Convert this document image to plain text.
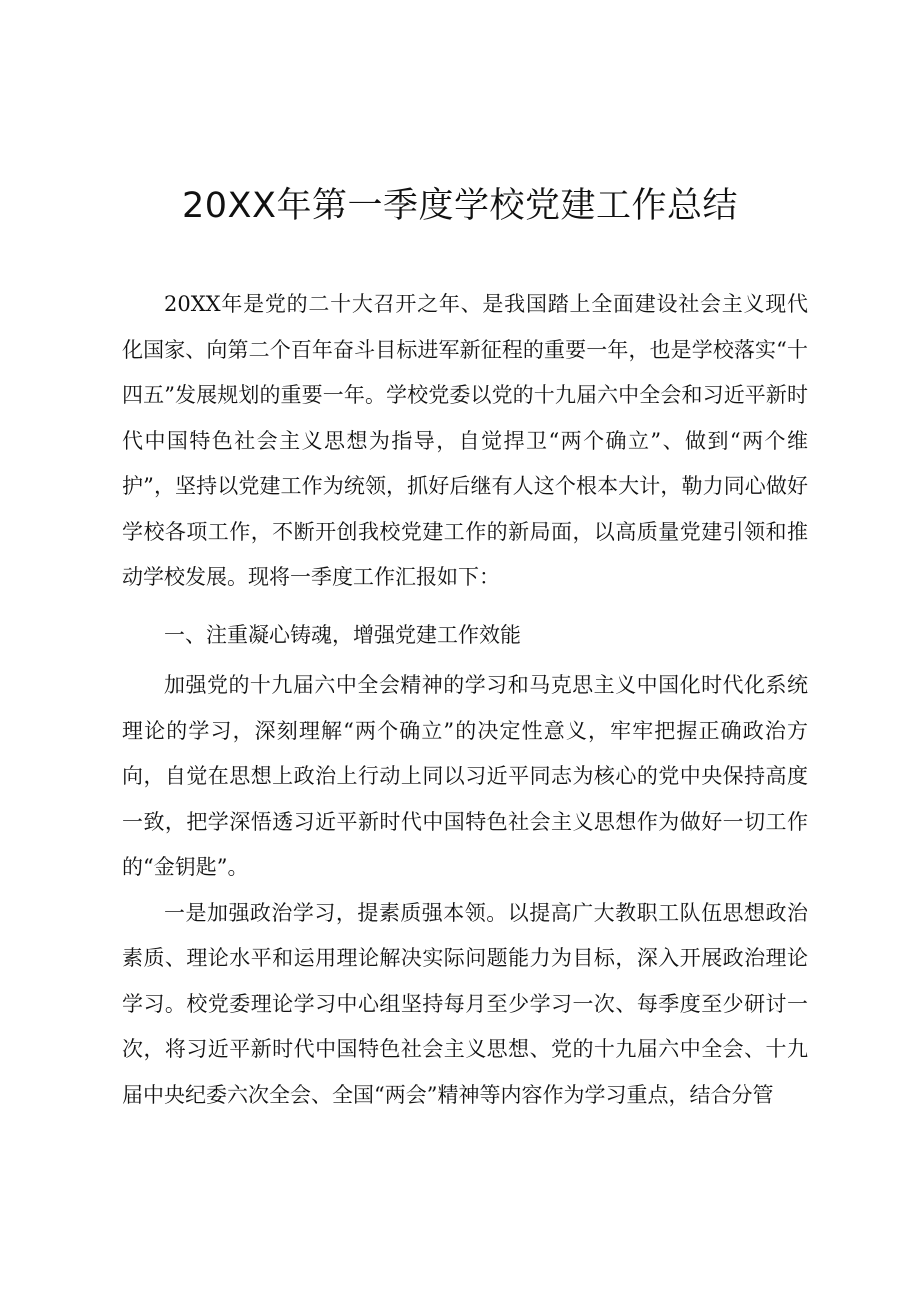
20XX年第一季度学校党建工作总结

20XX年是党的二十大召开之年、是我国踏上全面建设社会主义现代化国家、向第二个百年奋斗目标进军新征程的重要一年，也是学校落实“十四五”发展规划的重要一年。学校党委以党的十九届六中全会和习近平新时代中国特色社会主义思想为指导，自觉捍卫“两个确立”、做到“两个维护”，坚持以党建工作为统领，抓好后继有人这个根本大计，勒力同心做好学校各项工作，不断开创我校党建工作的新局面，以高质量党建引领和推动学校发展。现将一季度工作汇报如下：

一、注重凝心铸魂，增强党建工作效能

加强党的十九届六中全会精神的学习和马克思主义中国化时代化系统理论的学习，深刻理解“两个确立”的决定性意义，牢牢把握正确政治方向，自觉在思想上政治上行动上同以习近平同志为核心的党中央保持高度一致，把学深悟透习近平新时代中国特色社会主义思想作为做好一切工作的“金钥匙”。

一是加强政治学习，提素质强本领。以提高广大教职工队伍思想政治素质、理论水平和运用理论解决实际问题能力为目标，深入开展政治理论学习。校党委理论学习中心组坚持每月至少学习一次、每季度至少研讨一次，将习近平新时代中国特色社会主义思想、党的十九届六中全会、十九届中央纪委六次全会、全国“两会”精神等内容作为学习重点，结合分管
